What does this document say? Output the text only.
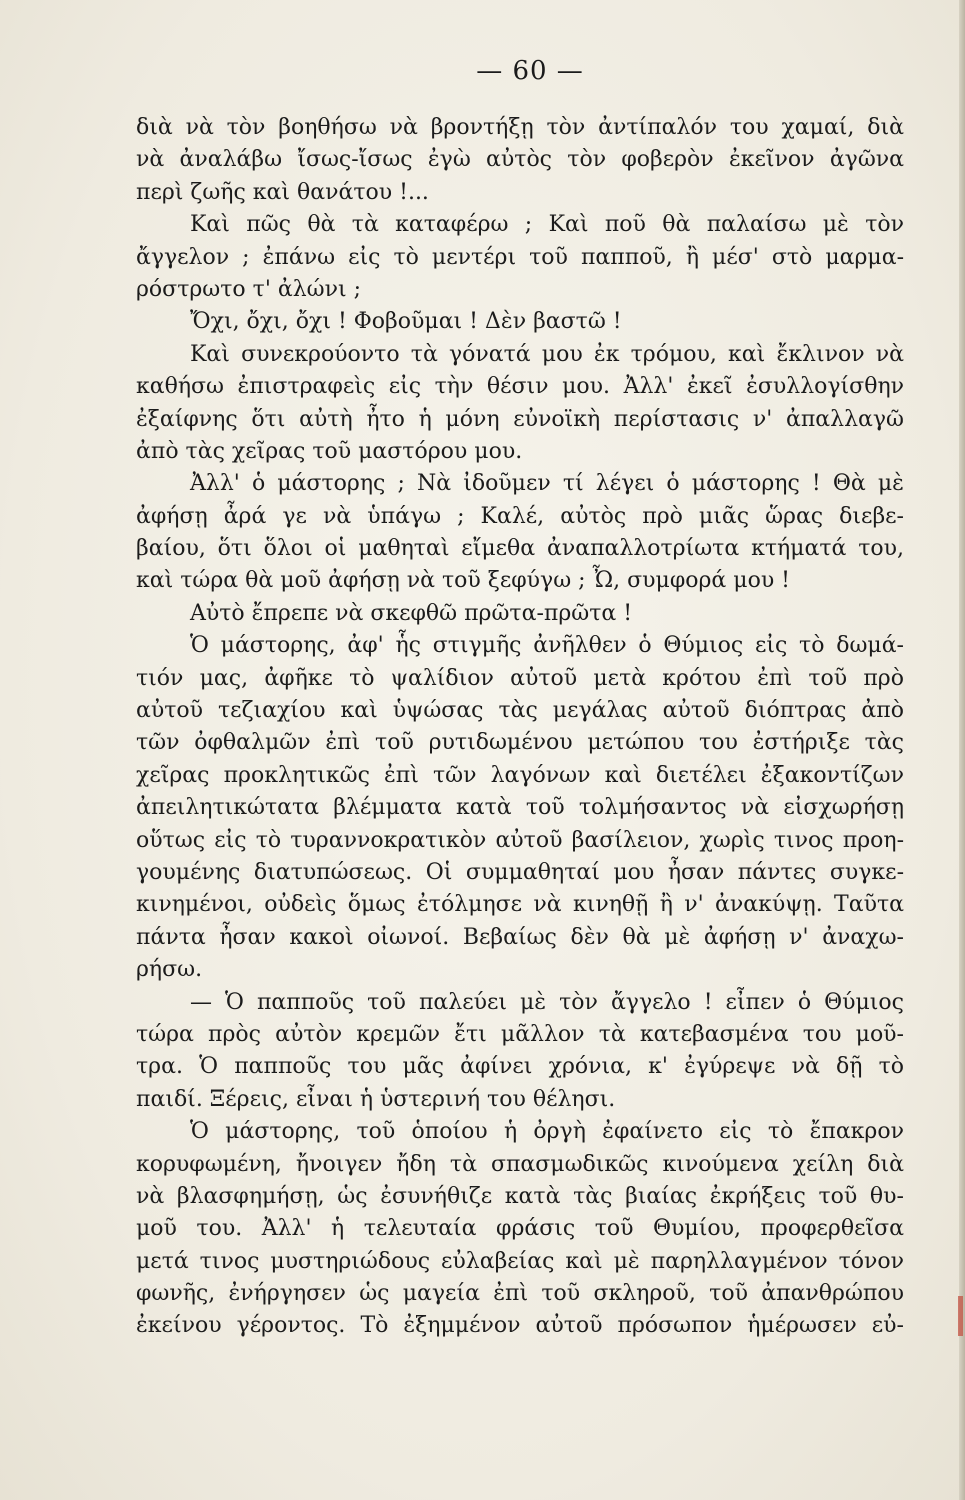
— 60 —
διὰ νὰ τὸν βοηθήσω νὰ βροντήξῃ τὸν ἀντίπαλόν του χαμαί, διὰ
νὰ ἀναλάβω ἴσως-ἴσως ἐγὼ αὐτὸς τὸν φοβερὸν ἐκεῖνον ἀγῶνα
περὶ ζωῆς καὶ θανάτου !...
Καὶ πῶς θὰ τὰ καταφέρω ; Καὶ ποῦ θὰ παλαίσω μὲ τὸν
ἄγγελον ; ἐπάνω εἰς τὸ μεντέρι τοῦ παπποῦ, ἢ μέσ' στὸ μαρμα-
ρόστρωτο τ' ἀλώνι ;
Ὄχι, ὄχι, ὄχι ! Φοβοῦμαι ! Δὲν βαστῶ !
Καὶ συνεκρούοντο τὰ γόνατά μου ἐκ τρόμου, καὶ ἔκλινον νὰ
καθήσω ἐπιστραφεὶς εἰς τὴν θέσιν μου. Ἀλλ' ἐκεῖ ἐσυλλογίσθην
ἐξαίφνης ὅτι αὐτὴ ἦτο ἡ μόνη εὐνοϊκὴ περίστασις ν' ἀπαλλαγῶ
ἀπὸ τὰς χεῖρας τοῦ μαστόρου μου.
Ἀλλ' ὁ μάστορης ; Νὰ ἰδοῦμεν τί λέγει ὁ μάστορης ! Θὰ μὲ
ἀφήσῃ ἆρά γε νὰ ὑπάγω ; Καλέ, αὐτὸς πρὸ μιᾶς ὥρας διεβε-
βαίου, ὅτι ὅλοι οἱ μαθηταὶ εἴμεθα ἀναπαλλοτρίωτα κτήματά του,
καὶ τώρα θὰ μοῦ ἀφήσῃ νὰ τοῦ ξεφύγω ; Ὦ, συμφορά μου !
Αὐτὸ ἔπρεπε νὰ σκεφθῶ πρῶτα-πρῶτα !
Ὁ μάστορης, ἀφ' ἧς στιγμῆς ἀνῆλθεν ὁ Θύμιος εἰς τὸ δωμά-
τιόν μας, ἀφῆκε τὸ ψαλίδιον αὐτοῦ μετὰ κρότου ἐπὶ τοῦ πρὸ
αὐτοῦ τεζιαχίου καὶ ὑψώσας τὰς μεγάλας αὐτοῦ διόπτρας ἀπὸ
τῶν ὀφθαλμῶν ἐπὶ τοῦ ρυτιδωμένου μετώπου του ἐστήριξε τὰς
χεῖρας προκλητικῶς ἐπὶ τῶν λαγόνων καὶ διετέλει ἐξακοντίζων
ἀπειλητικώτατα βλέμματα κατὰ τοῦ τολμήσαντος νὰ εἰσχωρήσῃ
οὕτως εἰς τὸ τυραννοκρατικὸν αὐτοῦ βασίλειον, χωρὶς τινος προη-
γουμένης διατυπώσεως. Οἱ συμμαθηταί μου ἦσαν πάντες συγκε-
κινημένοι, οὐδεὶς ὅμως ἐτόλμησε νὰ κινηθῇ ἢ ν' ἀνακύψῃ. Ταῦτα
πάντα ἦσαν κακοὶ οἰωνοί. Βεβαίως δὲν θὰ μὲ ἀφήσῃ ν' ἀναχω-
ρήσω.
— Ὁ παπποῦς τοῦ παλεύει μὲ τὸν ἄγγελο ! εἶπεν ὁ Θύμιος
τώρα πρὸς αὐτὸν κρεμῶν ἔτι μᾶλλον τὰ κατεβασμένα του μοῦ-
τρα. Ὁ παπποῦς του μᾶς ἀφίνει χρόνια, κ' ἐγύρεψε νὰ δῇ τὸ
παιδί. Ξέρεις, εἶναι ἡ ὑστερινή του θέλησι.
Ὁ μάστορης, τοῦ ὁποίου ἡ ὀργὴ ἐφαίνετο εἰς τὸ ἔπακρον
κορυφωμένη, ἤνοιγεν ἤδη τὰ σπασμωδικῶς κινούμενα χείλη διὰ
νὰ βλασφημήσῃ, ὡς ἐσυνήθιζε κατὰ τὰς βιαίας ἐκρήξεις τοῦ θυ-
μοῦ του. Ἀλλ' ἡ τελευταία φράσις τοῦ Θυμίου, προφερθεῖσα
μετά τινος μυστηριώδους εὐλαβείας καὶ μὲ παρηλλαγμένον τόνον
φωνῆς, ἐνήργησεν ὡς μαγεία ἐπὶ τοῦ σκληροῦ, τοῦ ἀπανθρώπου
ἐκείνου γέροντος. Τὸ ἐξημμένον αὐτοῦ πρόσωπον ἡμέρωσεν εὐ-
